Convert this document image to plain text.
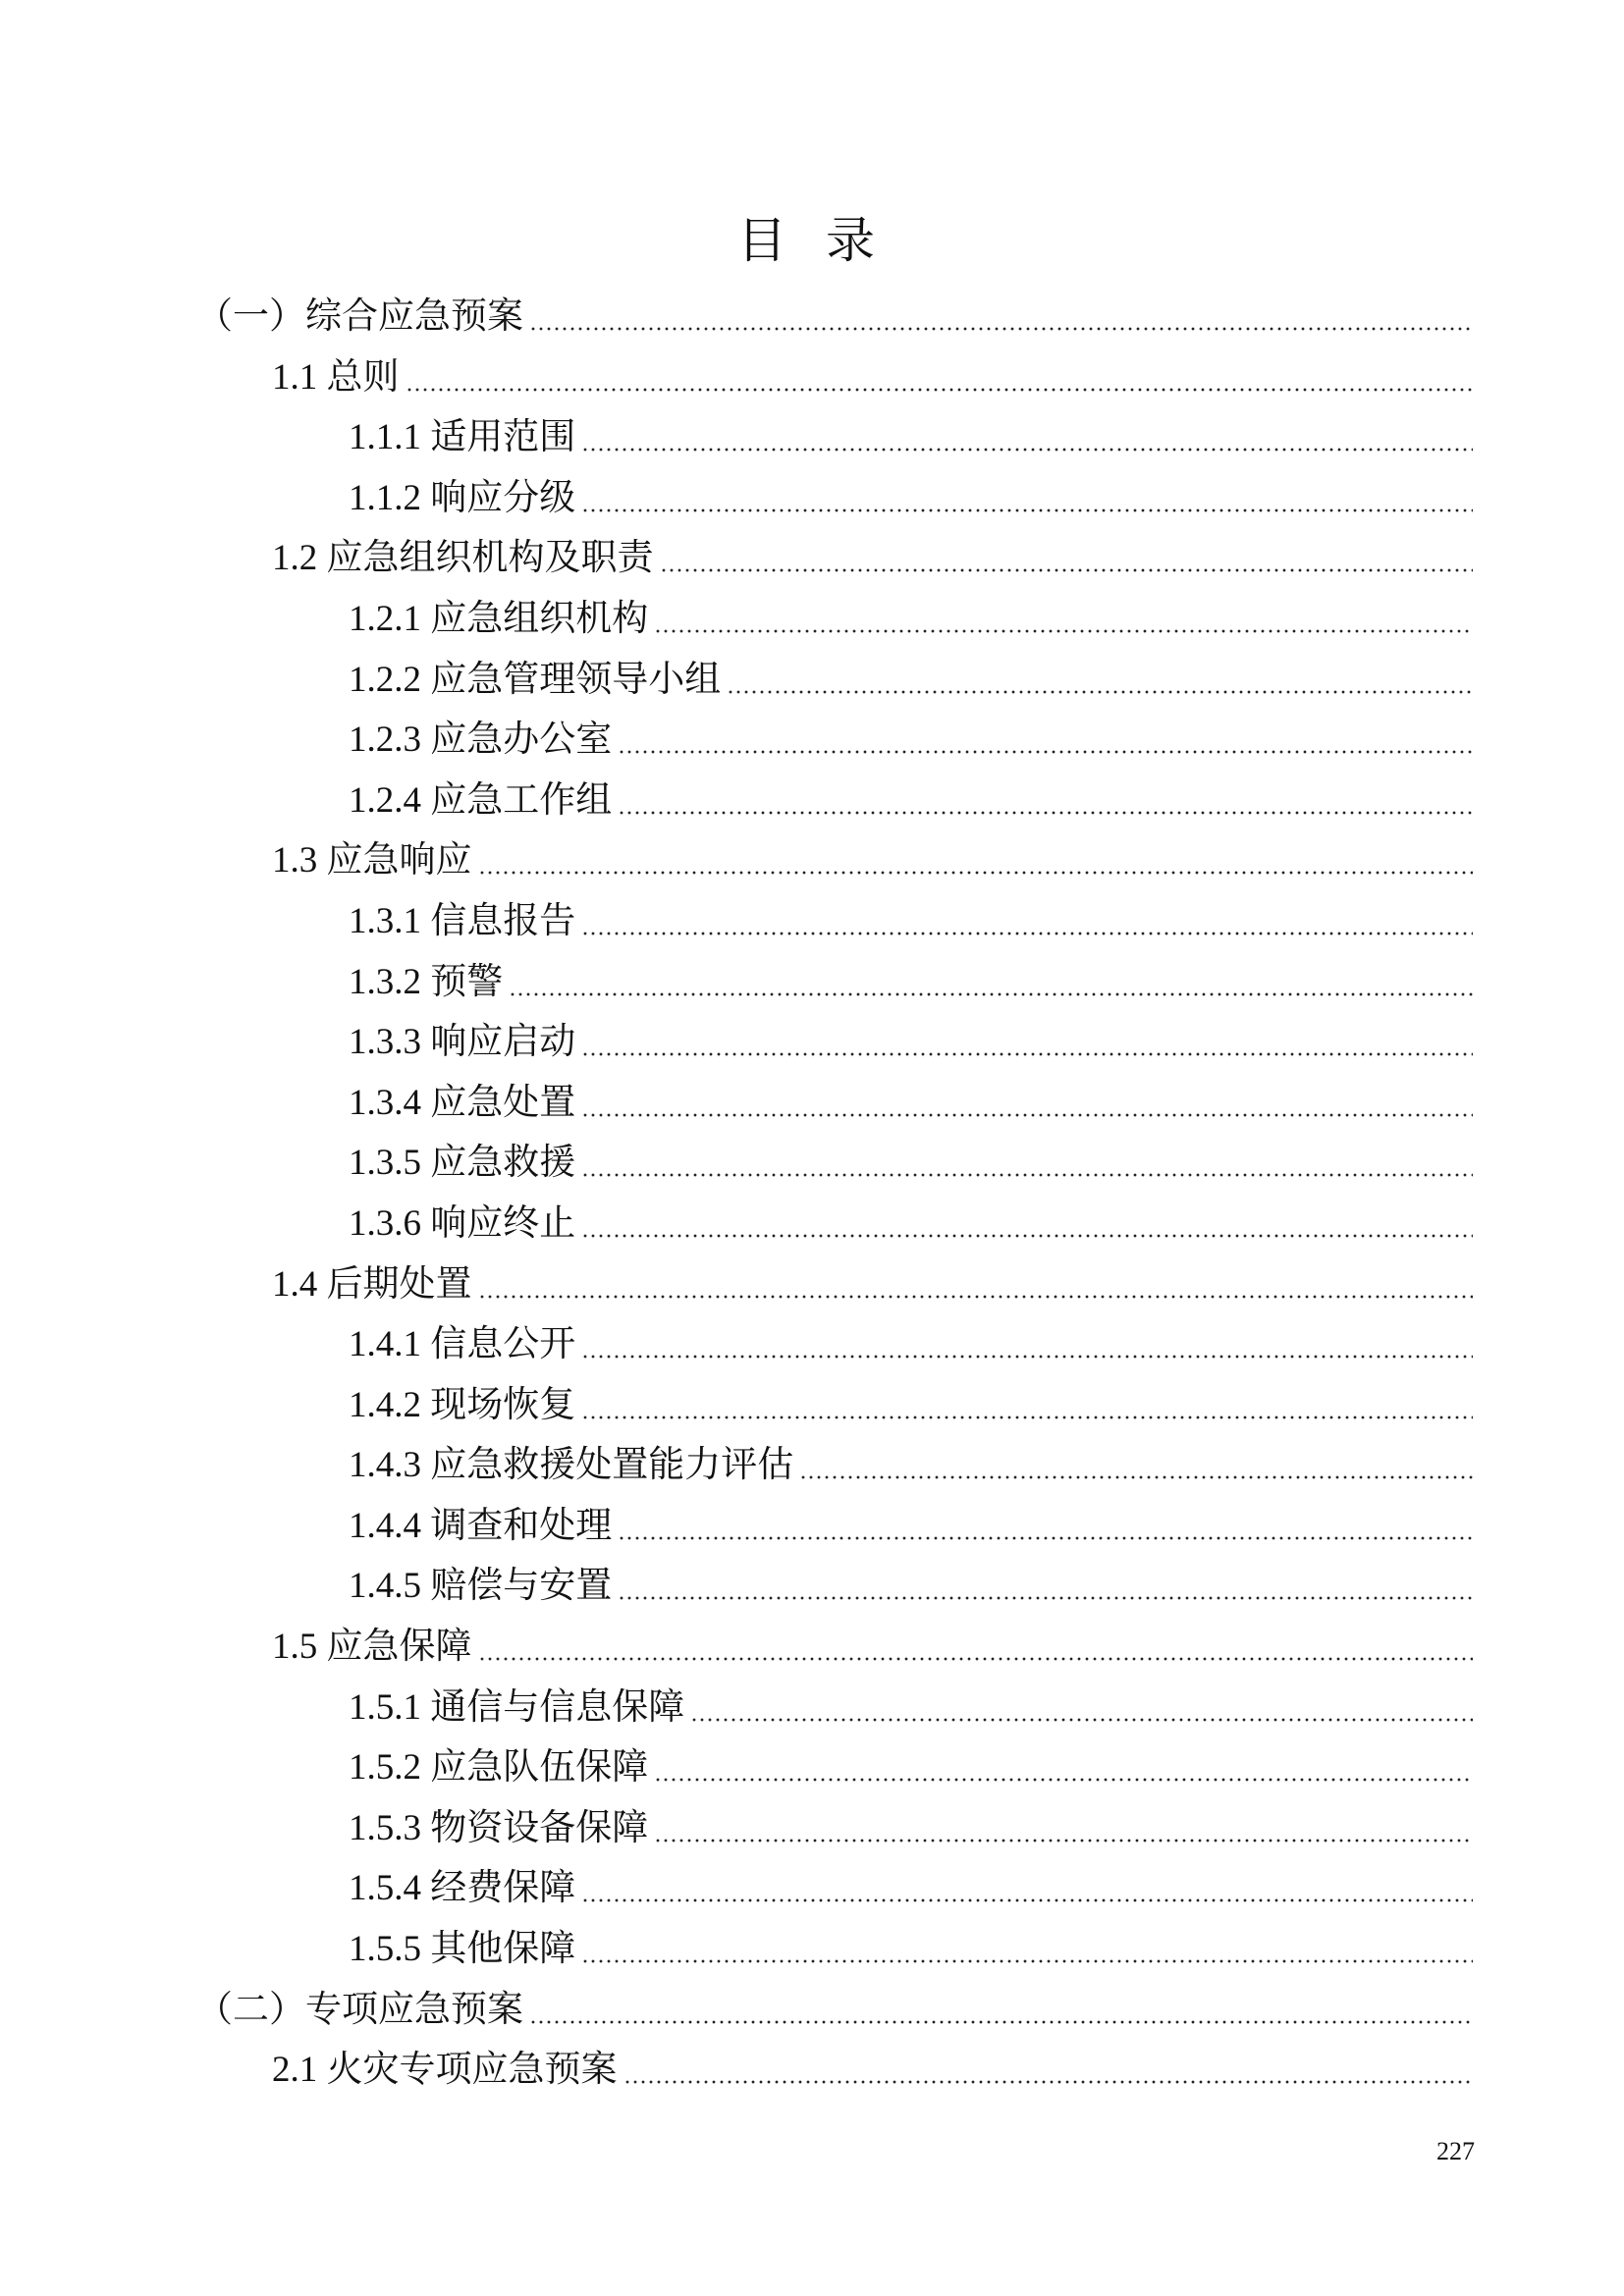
目 录
（一）综合应急预案
1.1 总则
1.1.1 适用范围
1.1.2 响应分级
1.2 应急组织机构及职责
1.2.1 应急组织机构
1.2.2 应急管理领导小组
1.2.3 应急办公室
1.2.4 应急工作组
1.3 应急响应
1.3.1 信息报告
1.3.2 预警
1.3.3 响应启动
1.3.4 应急处置
1.3.5 应急救援
1.3.6 响应终止
1.4 后期处置
1.4.1 信息公开
1.4.2 现场恢复
1.4.3 应急救援处置能力评估
1.4.4 调查和处理
1.4.5 赔偿与安置
1.5 应急保障
1.5.1 通信与信息保障
1.5.2 应急队伍保障
1.5.3 物资设备保障
1.5.4 经费保障
1.5.5 其他保障
（二）专项应急预案
2.1 火灾专项应急预案
227
